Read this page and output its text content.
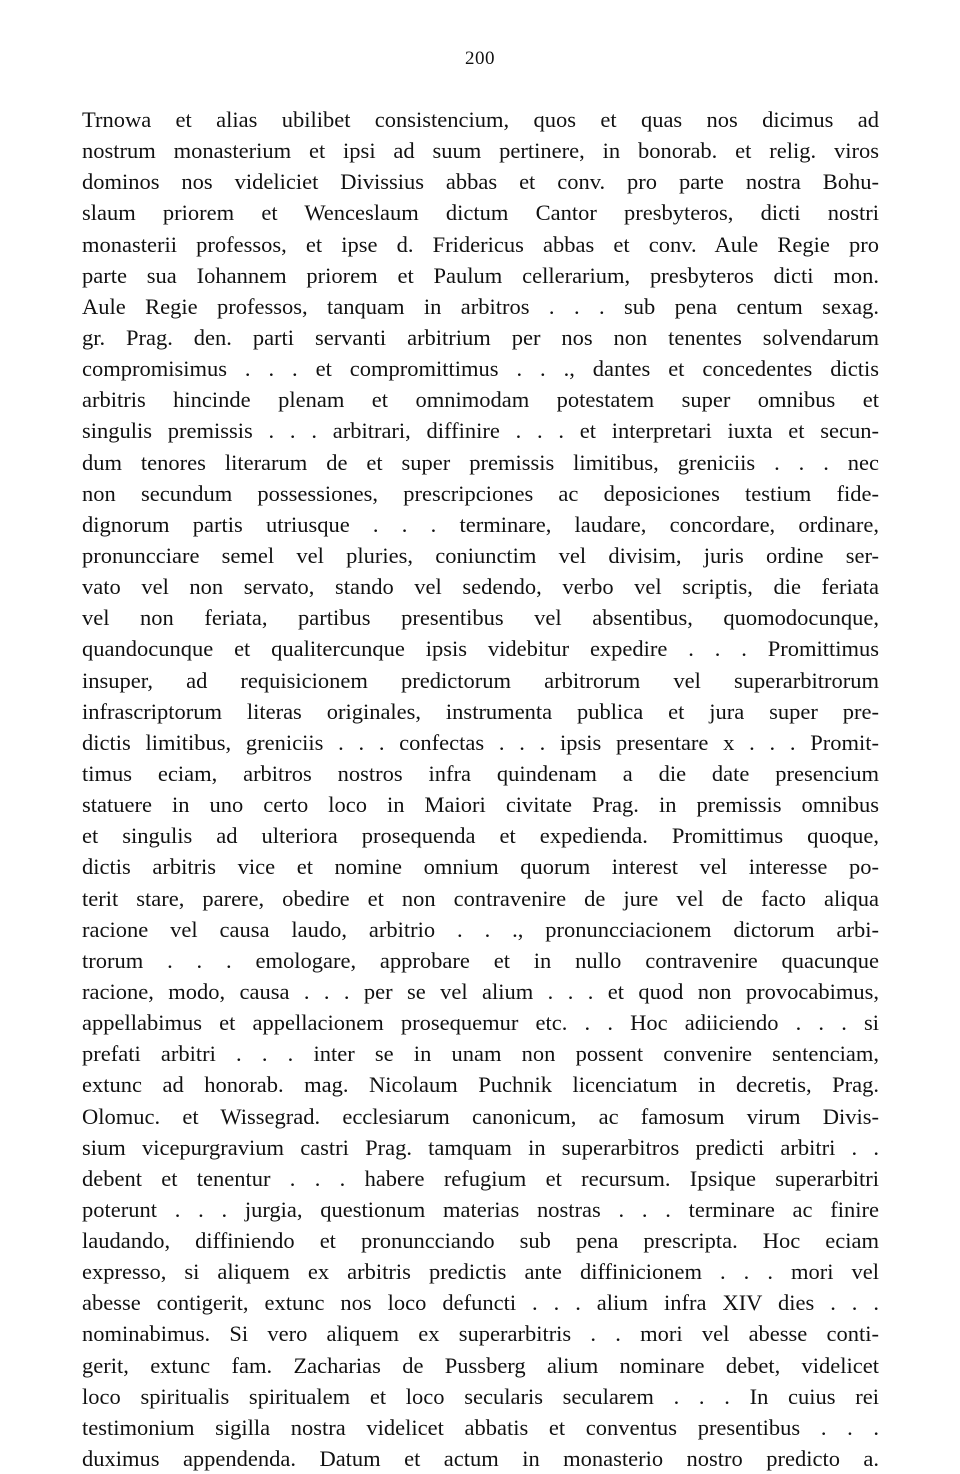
200
Trnowa et alias ubilibet consistencium, quos et quas nos dicimus ad
nostrum monasterium et ipsi ad suum pertinere, in bonorab. et relig. viros
dominos nos videliciet Divissius abbas et conv. pro parte nostra Bohu-
slaum priorem et Wenceslaum dictum Cantor presbyteros, dicti nostri
monasterii professos, et ipse d. Fridericus abbas et conv. Aule Regie pro
parte sua Iohannem priorem et Paulum cellerarium, presbyteros dicti mon.
Aule Regie professos, tanquam in arbitros . . . sub pena centum sexag.
gr. Prag. den. parti servanti arbitrium per nos non tenentes solvendarum
compromisimus . . . et compromittimus . . ., dantes et concedentes dictis
arbitris hincinde plenam et omnimodam potestatem super omnibus et
singulis premissis . . . arbitrari, diffinire . . . et interpretari iuxta et secun-
dum tenores literarum de et super premissis limitibus, greniciis . . . nec
non secundum possessiones, prescripciones ac deposiciones testium fide-
dignorum partis utriusque . . . terminare, laudare, concordare, ordinare,
pronuncciare semel vel pluries, coniunctim vel divisim, juris ordine ser-
vato vel non servato, stando vel sedendo, verbo vel scriptis, die feriata
vel non feriata, partibus presentibus vel absentibus, quomodocunque,
quandocunque et qualitercunque ipsis videbitur expedire . . . Promittimus
insuper, ad requisicionem predictorum arbitrorum vel superarbitrorum
infrascriptorum literas originales, instrumenta publica et jura super pre-
dictis limitibus, greniciis . . . confectas . . . ipsis presentare x . . . Promit-
timus eciam, arbitros nostros infra quindenam a die date presencium
statuere in uno certo loco in Maiori civitate Prag. in premissis omnibus
et singulis ad ulteriora prosequenda et expedienda. Promittimus quoque,
dictis arbitris vice et nomine omnium quorum interest vel interesse po-
terit stare, parere, obedire et non contravenire de jure vel de facto aliqua
racione vel causa laudo, arbitrio . . ., pronuncciacionem dictorum arbi-
trorum . . . emologare, approbare et in nullo contravenire quacunque
racione, modo, causa . . . per se vel alium . . . et quod non provocabimus,
appellabimus et appellacionem prosequemur etc. . . Hoc adiiciendo . . . si
prefati arbitri . . . inter se in unam non possent convenire sentenciam,
extunc ad honorab. mag. Nicolaum Puchnik licenciatum in decretis, Prag.
Olomuc. et Wissegrad. ecclesiarum canonicum, ac famosum virum Divis-
sium vicepurgravium castri Prag. tamquam in superarbitros predicti arbitri . .
debent et tenentur . . . habere refugium et recursum. Ipsique superarbitri
poterunt . . . jurgia, questionum materias nostras . . . terminare ac finire
laudando, diffiniendo et pronuncciando sub pena prescripta. Hoc eciam
expresso, si aliquem ex arbitris predictis ante diffinicionem . . . mori vel
abesse contigerit, extunc nos loco defuncti . . . alium infra XIV dies . . .
nominabimus. Si vero aliquem ex superarbitris . . mori vel abesse conti-
gerit, extunc fam. Zacharias de Pussberg alium nominare debet, videlicet
loco spiritualis spiritualem et loco secularis secularem . . . In cuius rei
testimonium sigilla nostra videlicet abbatis et conventus presentibus . . .
duximus appendenda. Datum et actum in monasterio nostro predicto a.
